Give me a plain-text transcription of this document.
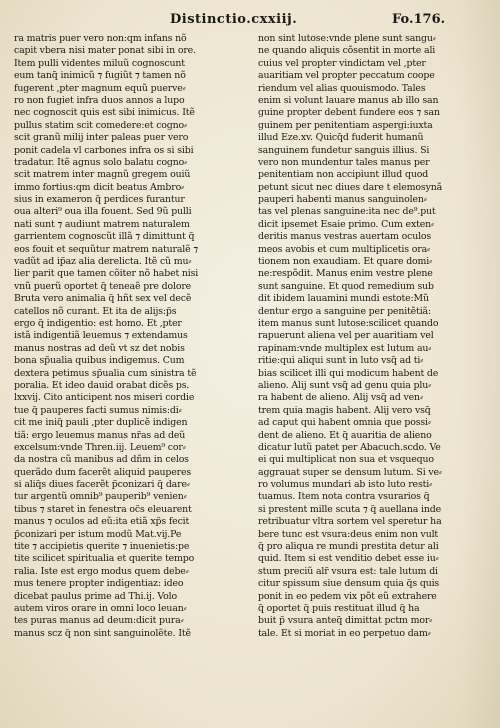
Distinctio.cxxiij.	Fo.176.
ra matris puer vero non:qm infans nõ
capit vbera nisi mater ponat sibi in ore.
Item pulli videntes miluũ cognoscunt
eum tanq̃ inimicũ ⁊ fugiũt ⁊ tamen nõ
fugerent ,pter magnum equũ puerve⸗
ro non fugiet infra duos annos a lupo
nec cognoscit quis est sibi inimicus. Itẽ
pullus statim scit comedere:et cogno⸗
scit granũ milij inter paleas puer vero
ponit cadela vl carbones infra os si sibi
tradatur. Itẽ agnus solo balatu cogno⸗
scit matrem inter magnũ gregem ouiũ
immo fortius:qm dicit beatus Ambro⸗
sius in exameron q̃ perdices furantur
oua alteri⁹ oua illa fouent. Sed 9ũ pulli
nati sunt ⁊ audiunt matrem naturalem
garrientem cognoscũt illã ⁊ dimittunt q̃
eos fouit et sequũtur matrem naturalẽ ⁊
vadũt ad ip̃az alia derelicta. Itẽ cũ mu⸗
lier parit que tamen cõiter nõ habet nisi
vnũ puerũ oportet q̃ teneaẽ pre dolore
Bruta vero animalia q̃ hñt sex vel decẽ
catellos nõ curant. Et ita de alijs:p̃s
ergo q̃ indigentio: est homo. Et ,pter
istã indigentiã leuemus ⁊ extendamus
manus nostras ad deũ vt sz det nobis
bona sp̃ualia quibus indigemus. Cum
dextera petimus sp̃ualia cum sinistra tẽ
poralia. Et ideo dauid orabat dicẽs ps.
lxxvij. Cito anticipent nos miseri cordie
tue q̃ pauperes facti sumus nimis:di⸗
cit me iniq̃ pauli ,pter duplicẽ indigen
tiã: ergo leuemus manus nr̃as ad deũ
excelsum:vnde Thren.iij. Leuem⁹ cor⸗
da nostra cũ manibus ad dñm in celos
querãdo dum facerẽt aliquid pauperes
si aliq̃s diues facerẽt p̃conizari q̃ dare⸗
tur argentũ omnib⁹ pauperib⁹ venien⸗
tibus ⁊ staret in fenestra oc̃s eleuarent
manus ⁊ oculos ad eũ:ita etiã xp̃s fecit
p̃conizari per istum modũ Mat.vij.Pe
tite ⁊ accipietis querite ⁊ inuenietis:pe
tite scilicet spiritualia et querite tempo
ralia. Iste est ergo modus quem debe⸗
mus tenere propter indigentiaz: ideo
dicebat paulus prime ad Thi.ij. Volo
autem viros orare in omni loco leuan⸗
tes puras manus ad deum:dicit pura⸗
manus scz q̃ non sint sanguinolẽte. Itẽ
non sint lutose:vnde plene sunt sangu⸗
ne quando aliquis cõsentit in morte ali
cuius vel propter vindictam vel ,pter
auaritiam vel propter peccatum coope
riendum vel alias quouismodo. Tales
enim si volunt lauare manus ab illo san
guine propter debent fundere eos ⁊ san
guinem per penitentiam aspergi:iuxta
illud Eze.xv. Quicq̃d fuderit humanũ
sanguinem fundetur sanguis illius. Si
vero non mundentur tales manus per
penitentiam non accipiunt illud quod
petunt sicut nec diues dare t elemosynã
pauperi habenti manus sanguinolen⸗
tas vel plenas sanguine:ita nec de⁹.put
dicit ipsemet Esaie primo. Cum exten⸗
deritis manus vestras auertam oculos
meos avobis et cum multiplicetis ora⸗
tionem non exaudiam. Et quare domi⸗
ne:respõdit. Manus enim vestre plene
sunt sanguine. Et quod remedium sub
dit ibidem lauamini mundi estote:Mũ
dentur ergo a sanguine per penitẽtiã:
item manus sunt lutose:scilicet quando
rapuerunt aliena vel per auaritiam vel
rapinam:vnde multiplex est lutum au⸗
ritie:qui aliqui sunt in luto vsq̃ ad ti⸗
bias scilicet illi qui modicum habent de
alieno. Alij sunt vsq̃ ad genu quia plu⸗
ra habent de alieno. Alij vsq̃ ad ven⸗
trem quia magis habent. Alij vero vsq̃
ad caput qui habent omnia que possi⸗
dent de alieno. Et q̃ auaritia de alieno
dicatur lutũ patet per Abacuch.scdo. Ve
ei qui multiplicat non sua et vsquequo
aggrauat super se densum lutum. Si ve⸗
ro volumus mundari ab isto luto resti⸗
tuamus. Item nota contra vsurarios q̃
si prestent mille scuta ⁊ q̃ auellana inde
retribuatur vltra sortem vel speretur ha
bere tunc est vsura:deus enim non vult
q̃ pro aliqua re mundi prestita detur ali
quid. Item si est venditio debet esse iu⸗
stum preciũ alr̃ vsura est: tale lutum di
citur spissum siue densum quia q̃s quis
ponit in eo pedem vix põt eũ extrahere
q̃ oportet q̃ puis restituat illud q̃ ha
buit p̃ vsura anteq̃ dimittat pctm mor⸗
tale. Et si moriat in eo perpetuo dam⸗
